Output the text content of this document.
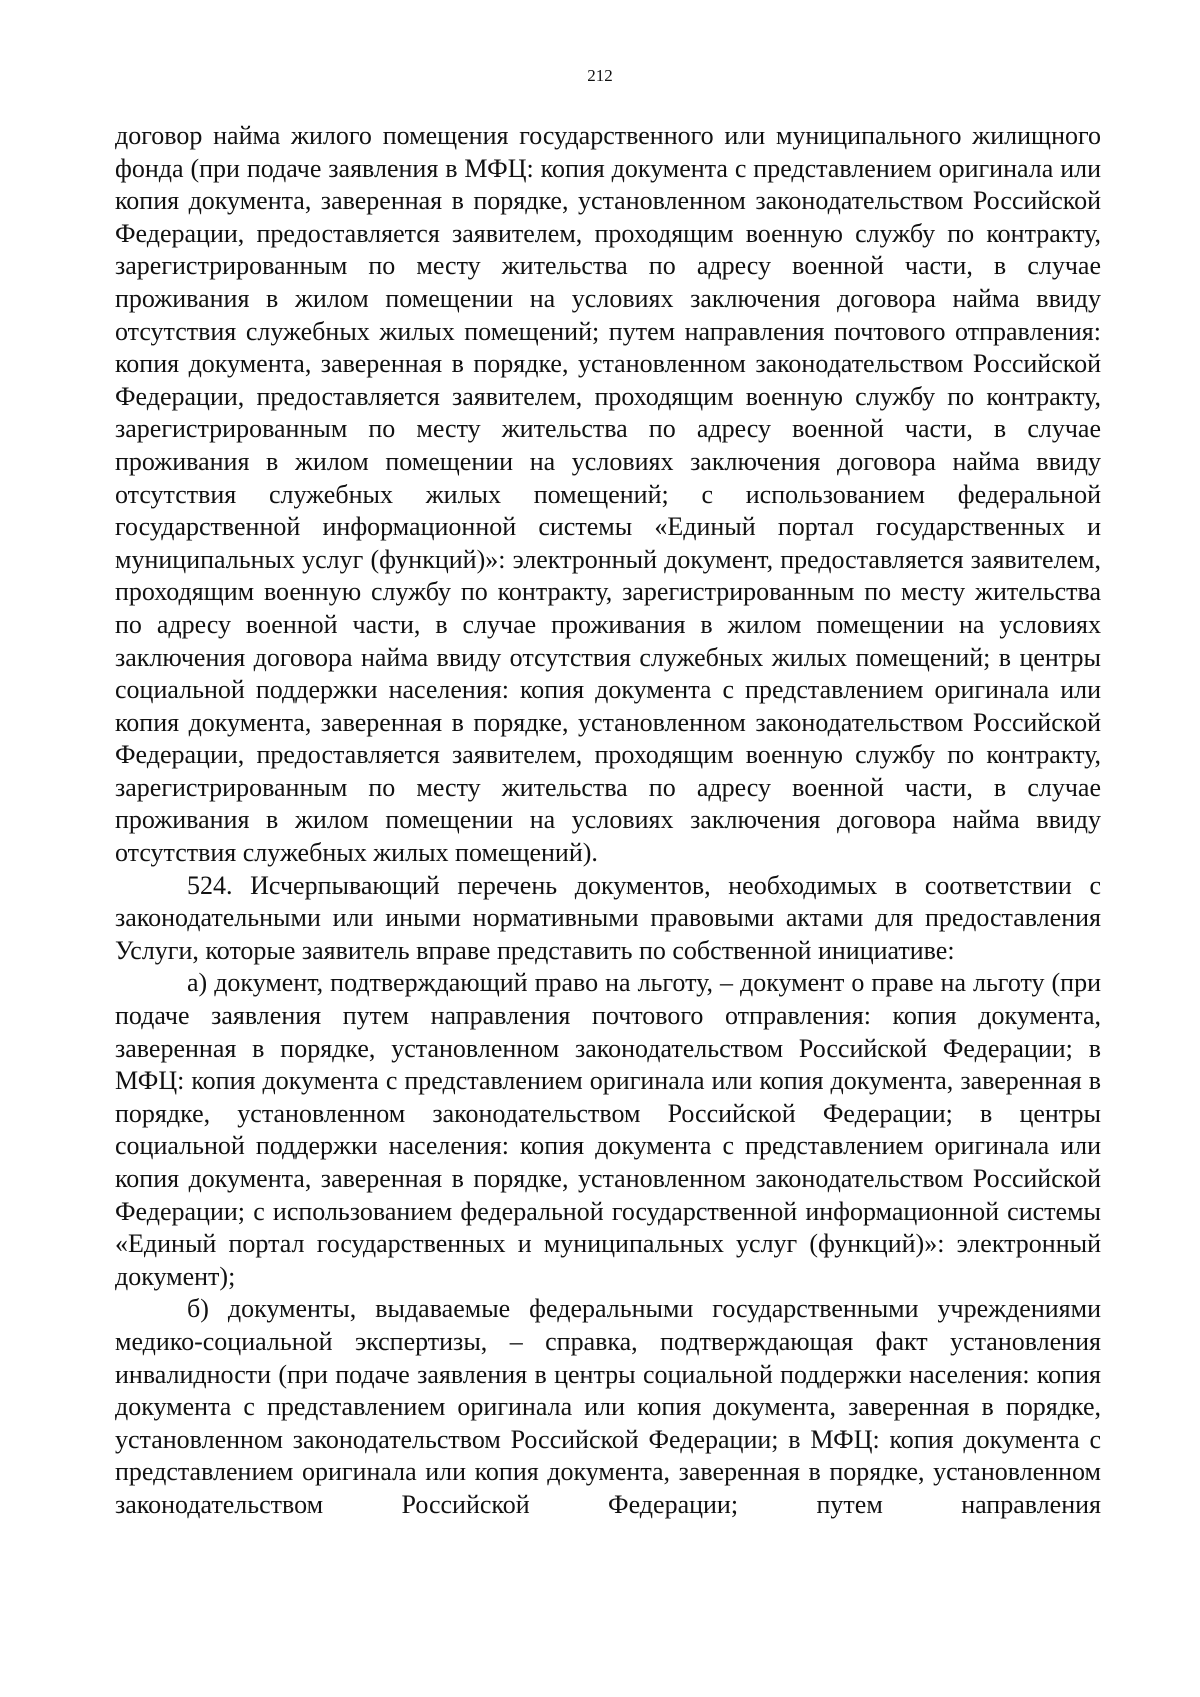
212

договор найма жилого помещения государственного или муниципального жилищного фонда (при подаче заявления в МФЦ: копия документа с представлением оригинала или копия документа, заверенная в порядке, установленном законодательством Российской Федерации, предоставляется заявителем, проходящим военную службу по контракту, зарегистрированным по месту жительства по адресу военной части, в случае проживания в жилом помещении на условиях заключения договора найма ввиду отсутствия служебных жилых помещений; путем направления почтового отправления: копия документа, заверенная в порядке, установленном законодательством Российской Федерации, предоставляется заявителем, проходящим военную службу по контракту, зарегистрированным по месту жительства по адресу военной части, в случае проживания в жилом помещении на условиях заключения договора найма ввиду отсутствия служебных жилых помещений; с использованием федеральной государственной информационной системы «Единый портал государственных и муниципальных услуг (функций)»: электронный документ, предоставляется заявителем, проходящим военную службу по контракту, зарегистрированным по месту жительства по адресу военной части, в случае проживания в жилом помещении на условиях заключения договора найма ввиду отсутствия служебных жилых помещений; в центры социальной поддержки населения: копия документа с представлением оригинала или копия документа, заверенная в порядке, установленном законодательством Российской Федерации, предоставляется заявителем, проходящим военную службу по контракту, зарегистрированным по месту жительства по адресу военной части, в случае проживания в жилом помещении на условиях заключения договора найма ввиду отсутствия служебных жилых помещений).

524. Исчерпывающий перечень документов, необходимых в соответствии с законодательными или иными нормативными правовыми актами для предоставления Услуги, которые заявитель вправе представить по собственной инициативе:

а) документ, подтверждающий право на льготу, – документ о праве на льготу (при подаче заявления путем направления почтового отправления: копия документа, заверенная в порядке, установленном законодательством Российской Федерации; в МФЦ: копия документа с представлением оригинала или копия документа, заверенная в порядке, установленном законодательством Российской Федерации; в центры социальной поддержки населения: копия документа с представлением оригинала или копия документа, заверенная в порядке, установленном законодательством Российской Федерации; с использованием федеральной государственной информационной системы «Единый портал государственных и муниципальных услуг (функций)»: электронный документ);

б) документы, выдаваемые федеральными государственными учреждениями медико-социальной экспертизы, – справка, подтверждающая факт установления инвалидности (при подаче заявления в центры социальной поддержки населения: копия документа с представлением оригинала или копия документа, заверенная в порядке, установленном законодательством Российской Федерации; в МФЦ: копия документа с представлением оригинала или копия документа, заверенная в порядке, установленном законодательством Российской Федерации; путем направления
